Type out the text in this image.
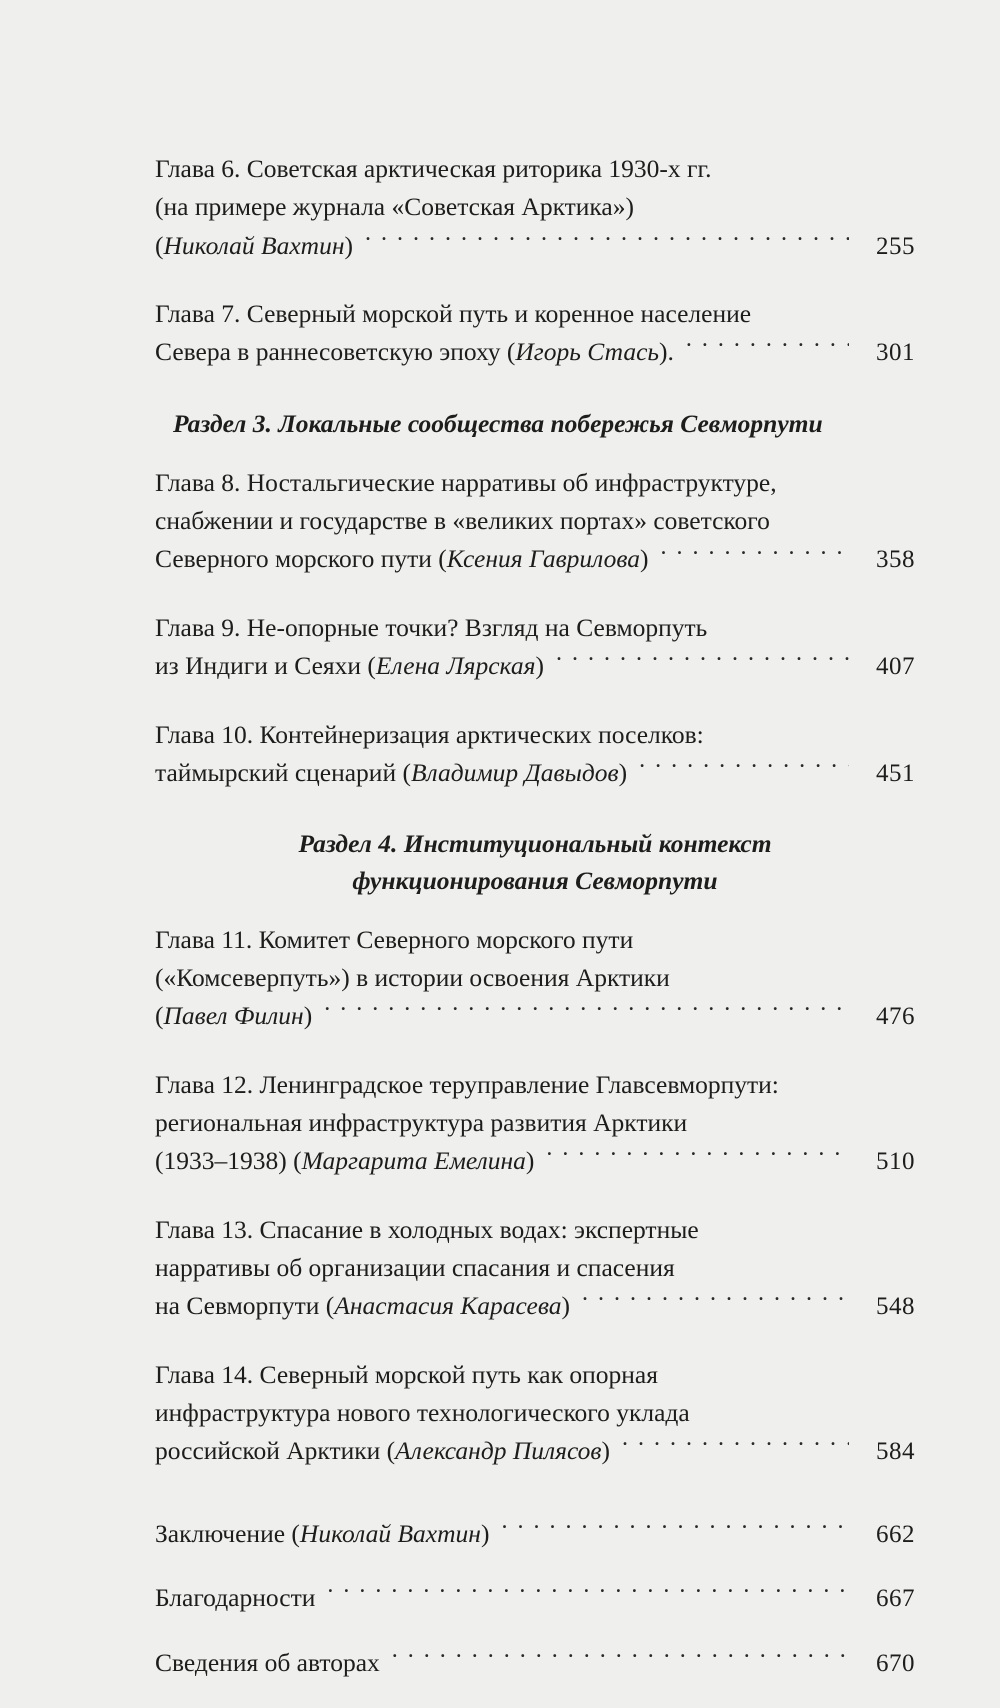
Глава 6. Советская арктическая риторика 1930-х гг.
(на примере журнала «Советская Арктика»)
( Николай Вахтин ) . .	255
Глава 7. Северный морской путь и коренное население
Севера в раннесоветскую эпоху ( Игорь Стась ). . .	301
Раздел 3. Локальные сообщества побережья Севморпути
Глава 8. Ностальгические нарративы об инфраструктуре,
снабжении и государстве в «великих портах» советского
Северного морского пути ( Ксения Гаврилова ) . .	358
Глава 9. Не-опорные точки? Взгляд на Севморпуть
из Индиги и Сеяхи ( Елена Лярская ) . .	407
Глава 10. Контейнеризация арктических поселков:
таймырский сценарий ( Владимир Давыдов ) . .	451
Раздел 4. Институциональный контекст
функционирования Севморпути
Глава 11. Комитет Северного морского пути
(«Комсеверпуть») в истории освоения Арктики
( Павел Филин ) . .	476
Глава 12. Ленинградское теруправление Главсевморпути:
региональная инфраструктура развития Арктики
(1933–1938) ( Маргарита Емелина ) . .	510
Глава 13. Спасание в холодных водах: экспертные
нарративы об организации спасания и спасения
на Севморпути ( Анастасия Карасева ) . .	548
Глава 14. Северный морской путь как опорная
инфраструктура нового технологического уклада
российской Арктики ( Александр Пилясов ) . .	584
Заключение ( Николай Вахтин ) . .	662
Благодарности . .	667
Сведения об авторах . .	670
